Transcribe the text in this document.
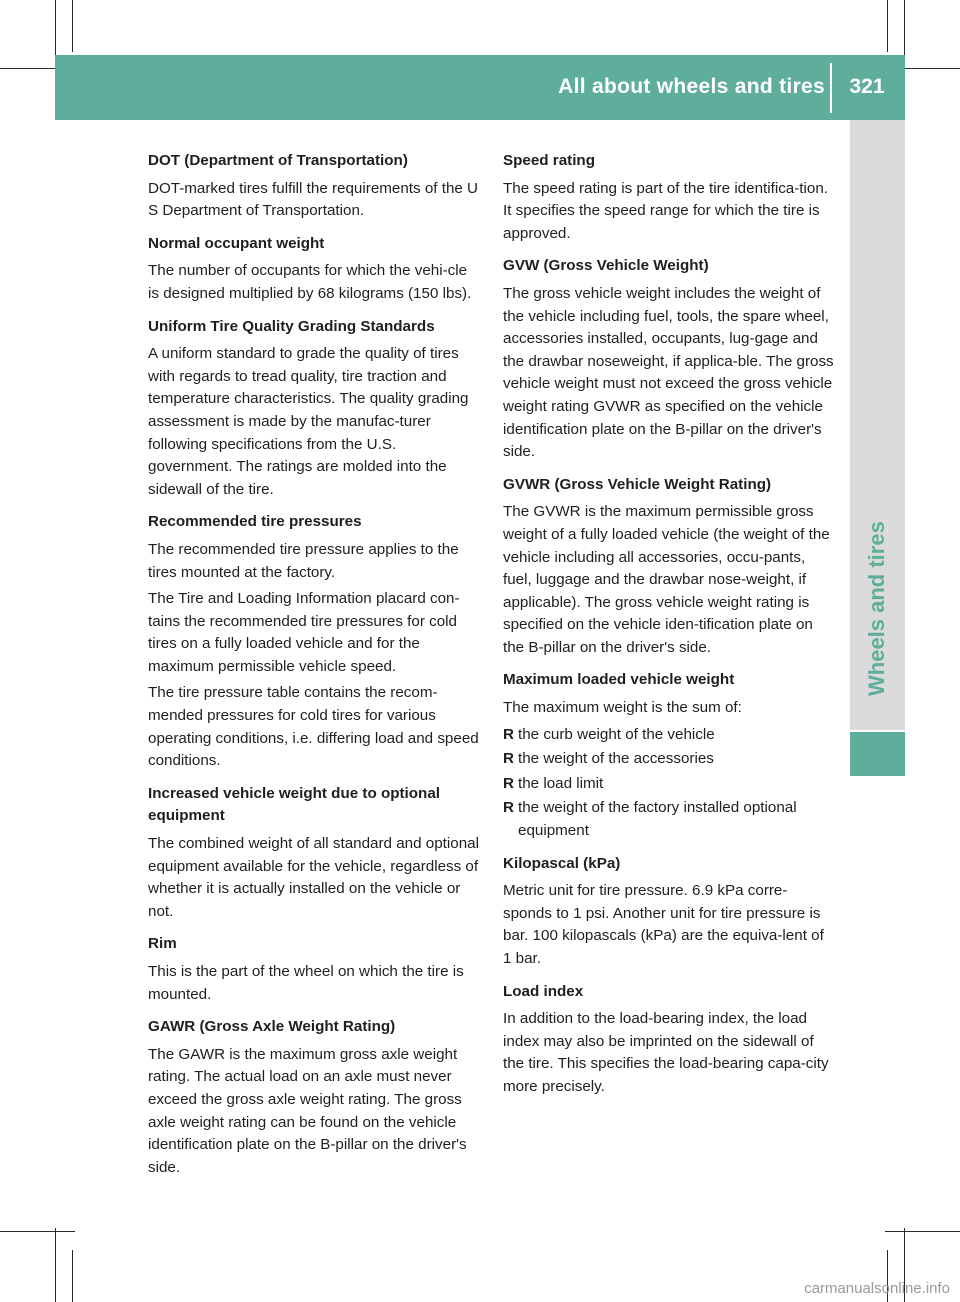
All about wheels and tires	321
Wheels and tires
DOT (Department of Transportation)

DOT-marked tires fulfill the requirements of the U S Department of Transportation.

Normal occupant weight

The number of occupants for which the vehi-cle is designed multiplied by 68 kilograms (150 lbs).

Uniform Tire Quality Grading Standards

A uniform standard to grade the quality of tires with regards to tread quality, tire traction and temperature characteristics. The quality grading assessment is made by the manufac-turer following specifications from the U.S. government. The ratings are molded into the sidewall of the tire.

Recommended tire pressures

The recommended tire pressure applies to the tires mounted at the factory.

The Tire and Loading Information placard con-tains the recommended tire pressures for cold tires on a fully loaded vehicle and for the maximum permissible vehicle speed.

The tire pressure table contains the recom-mended pressures for cold tires for various operating conditions, i.e. differing load and speed conditions.

Increased vehicle weight due to optional equipment

The combined weight of all standard and optional equipment available for the vehicle, regardless of whether it is actually installed on the vehicle or not.

Rim

This is the part of the wheel on which the tire is mounted.

GAWR (Gross Axle Weight Rating)

The GAWR is the maximum gross axle weight rating. The actual load on an axle must never exceed the gross axle weight rating. The gross axle weight rating can be found on the vehicle identification plate on the B-pillar on the driver's side.

Speed rating

The speed rating is part of the tire identifica-tion. It specifies the speed range for which the tire is approved.

GVW (Gross Vehicle Weight)

The gross vehicle weight includes the weight of the vehicle including fuel, tools, the spare wheel, accessories installed, occupants, lug-gage and the drawbar noseweight, if applica-ble. The gross vehicle weight must not exceed the gross vehicle weight rating GVWR as specified on the vehicle identification plate on the B-pillar on the driver's side.

GVWR (Gross Vehicle Weight Rating)

The GVWR is the maximum permissible gross weight of a fully loaded vehicle (the weight of the vehicle including all accessories, occu-pants, fuel, luggage and the drawbar nose-weight, if applicable). The gross vehicle weight rating is specified on the vehicle iden-tification plate on the B-pillar on the driver's side.

Maximum loaded vehicle weight

The maximum weight is the sum of:

R the curb weight of the vehicle
R the weight of the accessories
R the load limit
R the weight of the factory installed optional equipment
Kilopascal (kPa)

Metric unit for tire pressure. 6.9 kPa corre-sponds to 1 psi. Another unit for tire pressure is bar. 100 kilopascals (kPa) are the equiva-lent of 1 bar.

Load index

In addition to the load-bearing index, the load index may also be imprinted on the sidewall of the tire. This specifies the load-bearing capa-city more precisely.

carmanualsonline.info
